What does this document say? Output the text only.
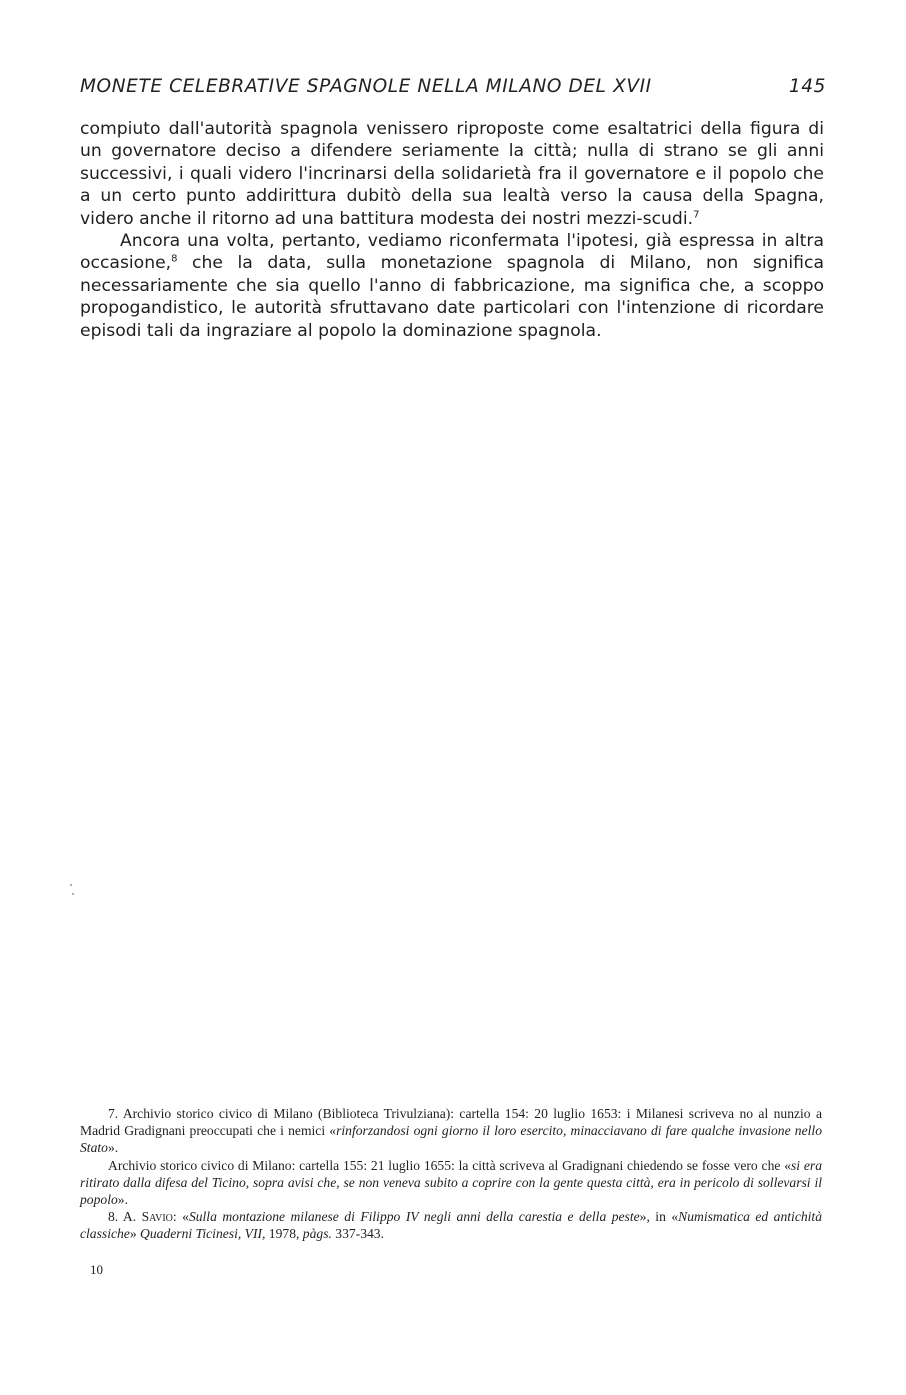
MONETE CELEBRATIVE SPAGNOLE NELLA MILANO DEL XVII	145

compiuto dall'autorità spagnola venissero riproposte come esaltatrici della figura di un governatore deciso a difendere seriamente la città; nulla di strano se gli anni successivi, i quali videro l'incrinarsi della solidarietà fra il governatore e il popolo che a un certo punto addirittura dubitò della sua lealtà verso la causa della Spagna, videro anche il ritorno ad una battitura modesta dei nostri mezzi-scudi.$^7$

Ancora una volta, pertanto, vediamo riconfermata l'ipotesi, già espressa in altra occasione,$^8$ che la data, sulla monetazione spagnola di Milano, non significa necessariamente che sia quello l'anno di fabbricazione, ma significa che, a scoppo propogandistico, le autorità sfruttavano date particolari con l'intenzione di ricordare episodi tali da ingraziare al popolo la dominazione spagnola.

7. Archivio storico civico di Milano (Biblioteca Trivulziana): cartella 154: 20 luglio 1653: i Milanesi scriveva no al nunzio a Madrid Gradignani preoccupati che i nemici «rinforzandosi ogni giorno il loro esercito, minacciavano di fare qualche invasione nello Stato».

Archivio storico civico di Milano: cartella 155: 21 luglio 1655: la città scriveva al Gradignani chiedendo se fosse vero che «si era ritirato dalla difesa del Ticino, sopra avisi che, se non veneva subito a coprire con la gente questa città, era in pericolo di sollevarsi il popolo».

8. A. Savio: «Sulla montazione milanese di Filippo IV negli anni della carestia e della peste», in «Numismatica ed antichità classiche» Quaderni Ticinesi, VII, 1978, pàgs. 337-343.

10
